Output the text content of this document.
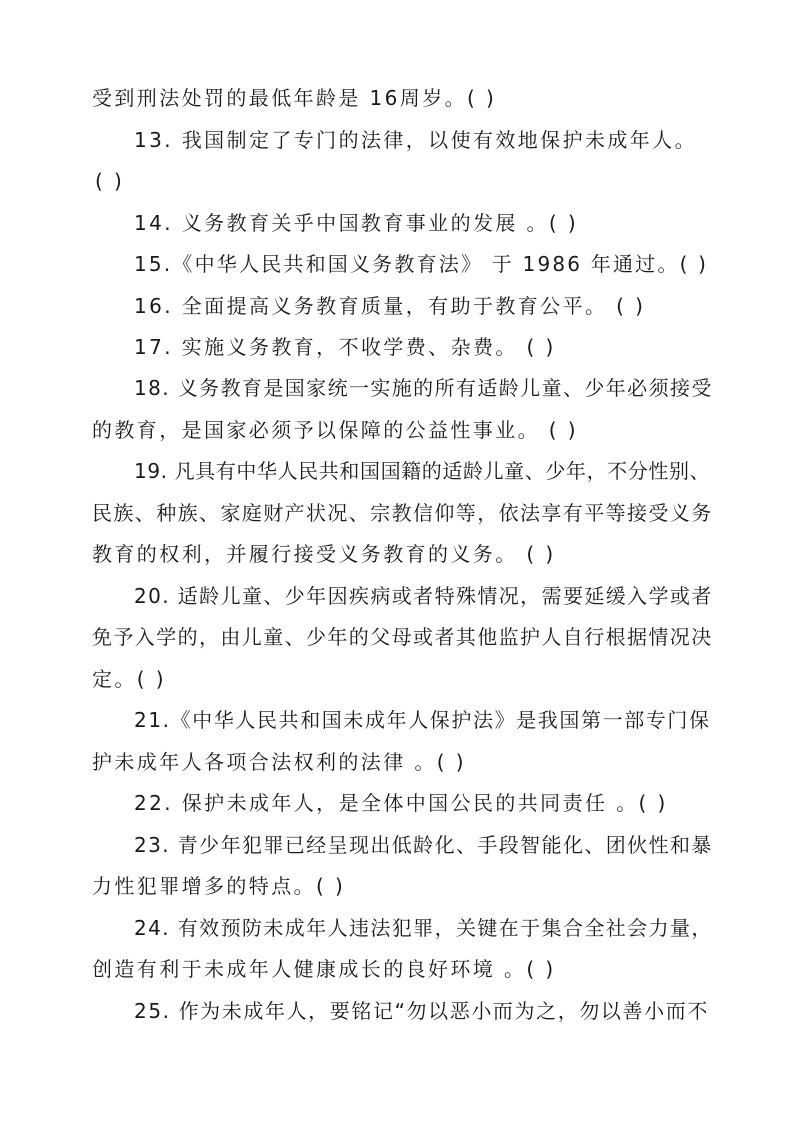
受到刑法处罚的最低年龄是 16周岁。( )
13. 我国制定了专门的法律，以使有效地保护未成年人。
( )
14. 义务教育关乎中国教育事业的发展 。( )
15.《中华人民共和国义务教育法》 于 1986 年通过。( )
16. 全面提高义务教育质量，有助于教育公平。 ( )
17. 实施义务教育，不收学费、杂费。 ( )
18. 义务教育是国家统一实施的所有适龄儿童、少年必须接受
的教育，是国家必须予以保障的公益性事业。 ( )
19. 凡具有中华人民共和国国籍的适龄儿童、少年，不分性别、
民族、种族、家庭财产状况、宗教信仰等，依法享有平等接受义务
教育的权利，并履行接受义务教育的义务。 ( )
20. 适龄儿童、少年因疾病或者特殊情况，需要延缓入学或者
免予入学的，由儿童、少年的父母或者其他监护人自行根据情况决
定。( )
21.《中华人民共和国未成年人保护法》是我国第一部专门保
护未成年人各项合法权利的法律 。( )
22. 保护未成年人，是全体中国公民的共同责任 。( )
23. 青少年犯罪已经呈现出低龄化、手段智能化、团伙性和暴
力性犯罪增多的特点。( )
24. 有效预防未成年人违法犯罪，关键在于集合全社会力量，
创造有利于未成年人健康成长的良好环境 。( )
25. 作为未成年人，要铭记“勿以恶小而为之，勿以善小而不
